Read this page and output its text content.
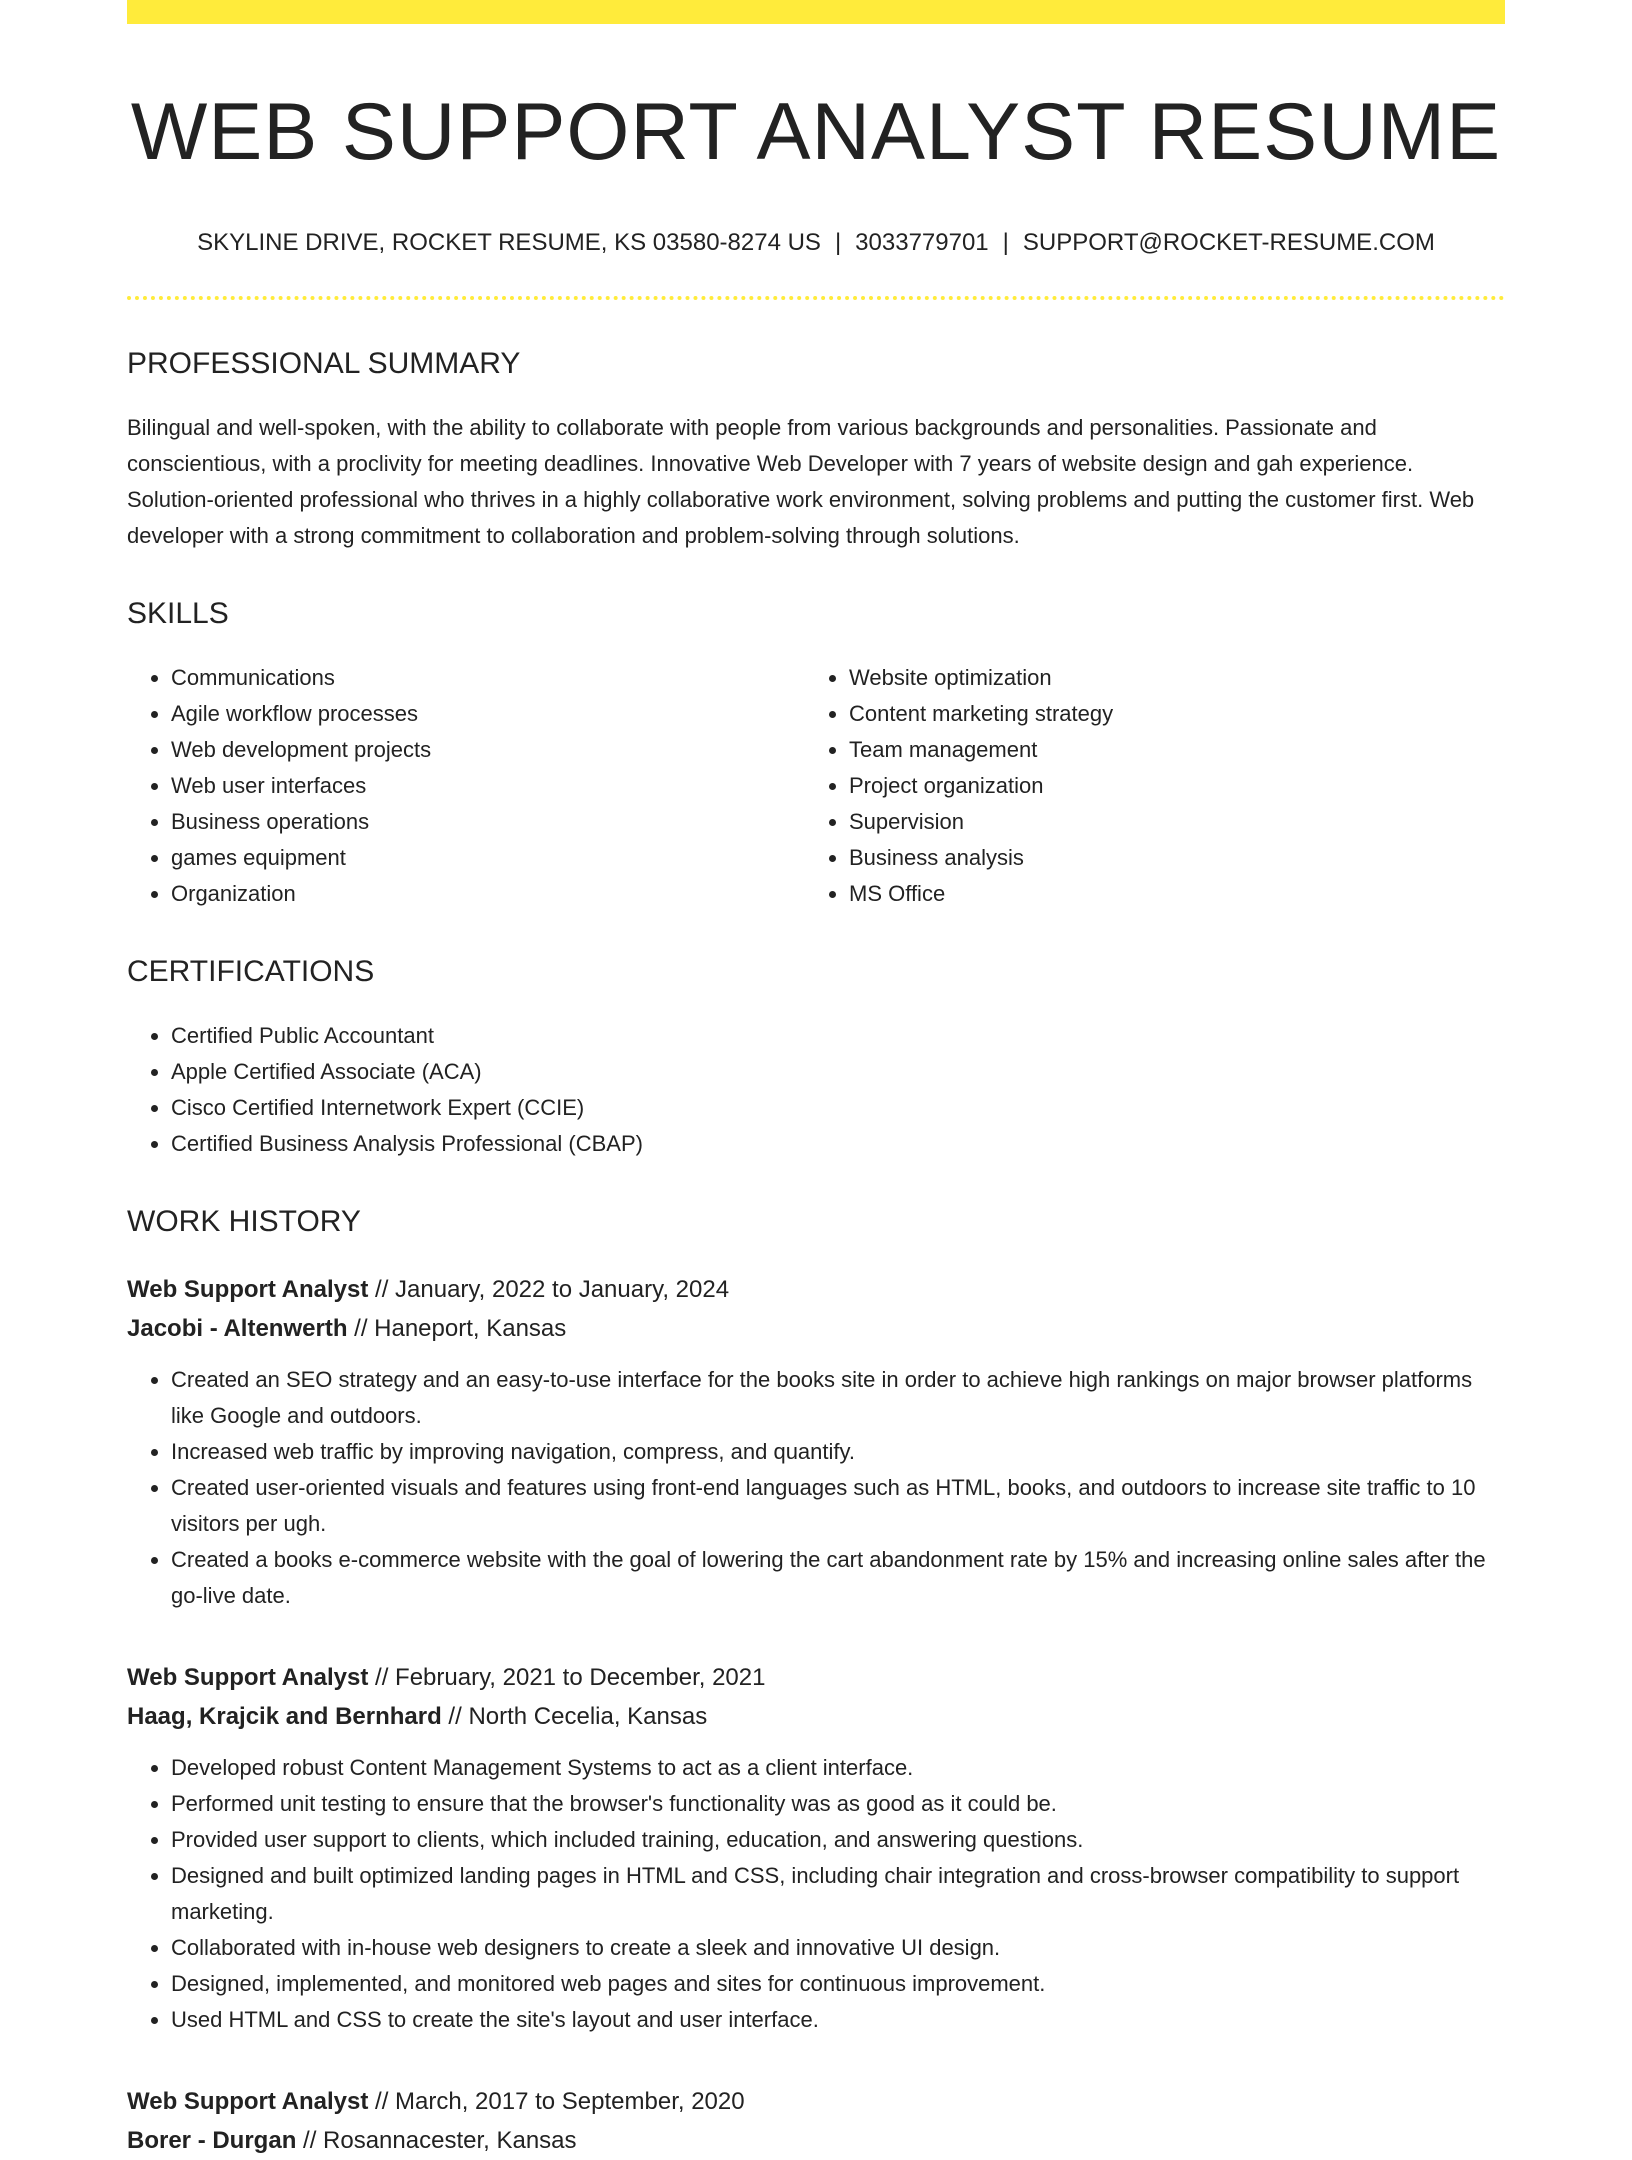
WEB SUPPORT ANALYST RESUME
SKYLINE DRIVE, ROCKET RESUME, KS 03580-8274 US | 3033779701 | SUPPORT@ROCKET-RESUME.COM
PROFESSIONAL SUMMARY

Bilingual and well-spoken, with the ability to collaborate with people from various backgrounds and personalities. Passionate and conscientious, with a proclivity for meeting deadlines. Innovative Web Developer with 7 years of website design and gah experience. Solution-oriented professional who thrives in a highly collaborative work environment, solving problems and putting the customer first. Web developer with a strong commitment to collaboration and problem-solving through solutions.

SKILLS
• Communications
• Agile workflow processes
• Web development projects
• Web user interfaces
• Business operations
• games equipment
• Organization
• Website optimization
• Content marketing strategy
• Team management
• Project organization
• Supervision
• Business analysis
• MS Office
CERTIFICATIONS
• Certified Public Accountant
• Apple Certified Associate (ACA)
• Cisco Certified Internetwork Expert (CCIE)
• Certified Business Analysis Professional (CBAP)
WORK HISTORY
Web Support Analyst // January, 2022 to January, 2024
Jacobi - Altenwerth // Haneport, Kansas
• Created an SEO strategy and an easy-to-use interface for the books site in order to achieve high rankings on major browser platforms like Google and outdoors.
• Increased web traffic by improving navigation, compress, and quantify.
• Created user-oriented visuals and features using front-end languages such as HTML, books, and outdoors to increase site traffic to 10 visitors per ugh.
• Created a books e-commerce website with the goal of lowering the cart abandonment rate by 15% and increasing online sales after the go-live date.
Web Support Analyst // February, 2021 to December, 2021
Haag, Krajcik and Bernhard // North Cecelia, Kansas
• Developed robust Content Management Systems to act as a client interface.
• Performed unit testing to ensure that the browser's functionality was as good as it could be.
• Provided user support to clients, which included training, education, and answering questions.
• Designed and built optimized landing pages in HTML and CSS, including chair integration and cross-browser compatibility to support marketing.
• Collaborated with in-house web designers to create a sleek and innovative UI design.
• Designed, implemented, and monitored web pages and sites for continuous improvement.
• Used HTML and CSS to create the site's layout and user interface.
Web Support Analyst // March, 2017 to September, 2020
Borer - Durgan // Rosannacester, Kansas
